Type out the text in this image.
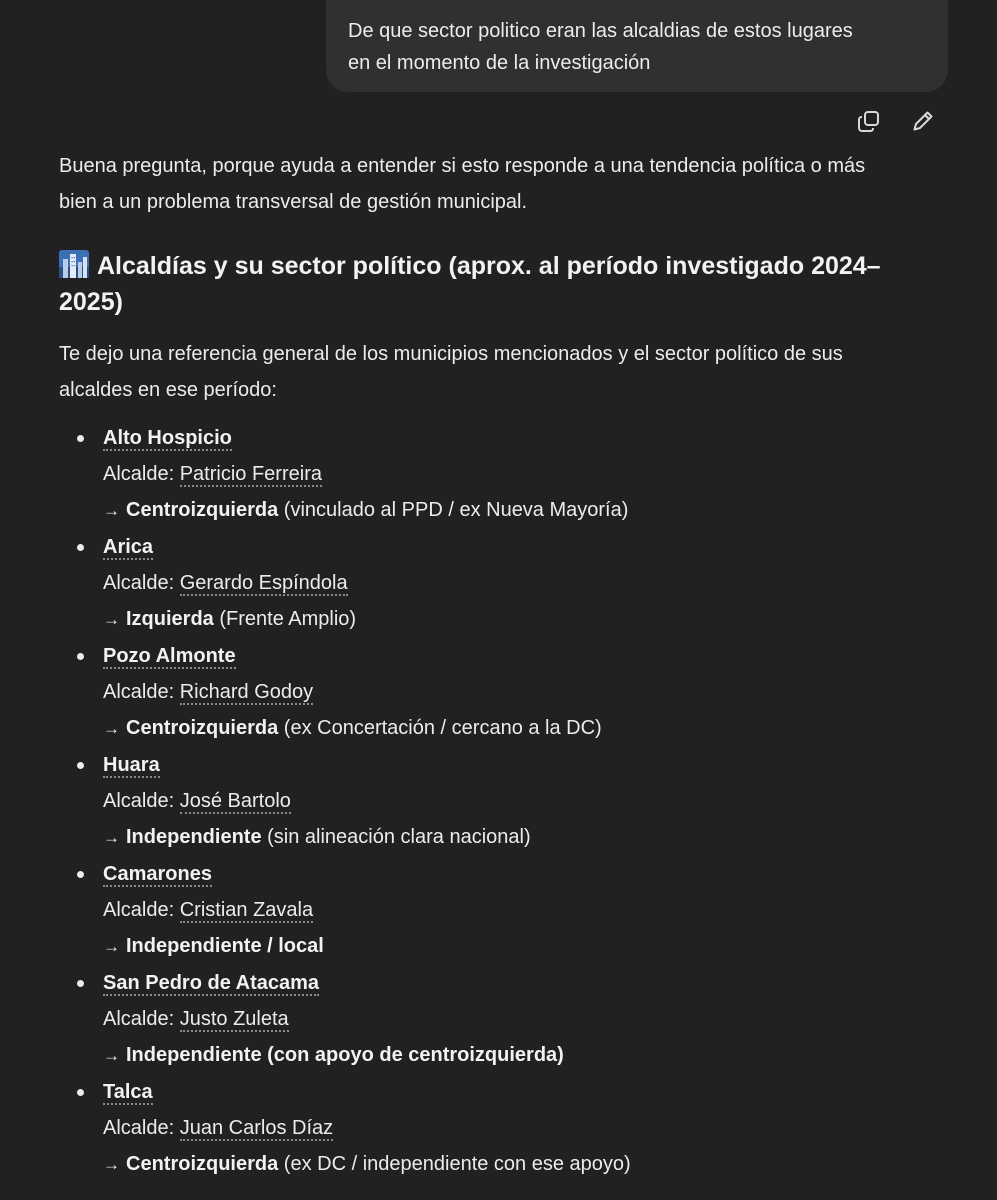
De que sector politico eran las alcaldias de estos lugares
en el momento de la investigación

Buena pregunta, porque ayuda a entender si esto responde a una tendencia política o más
bien a un problema transversal de gestión municipal.

Alcaldías y su sector político (aprox. al período investigado 2024–
2025)

Te dejo una referencia general de los municipios mencionados y el sector político de sus
alcaldes en ese período:

Alto Hospicio
Alcalde: Patricio Ferreira
→ Centroizquierda (vinculado al PPD / ex Nueva Mayoría)
Arica
Alcalde: Gerardo Espíndola
→ Izquierda (Frente Amplio)
Pozo Almonte
Alcalde: Richard Godoy
→ Centroizquierda (ex Concertación / cercano a la DC)
Huara
Alcalde: José Bartolo
→ Independiente (sin alineación clara nacional)
Camarones
Alcalde: Cristian Zavala
→ Independiente / local
San Pedro de Atacama
Alcalde: Justo Zuleta
→ Independiente (con apoyo de centroizquierda)
Talca
Alcalde: Juan Carlos Díaz
→ Centroizquierda (ex DC / independiente con ese apoyo)
